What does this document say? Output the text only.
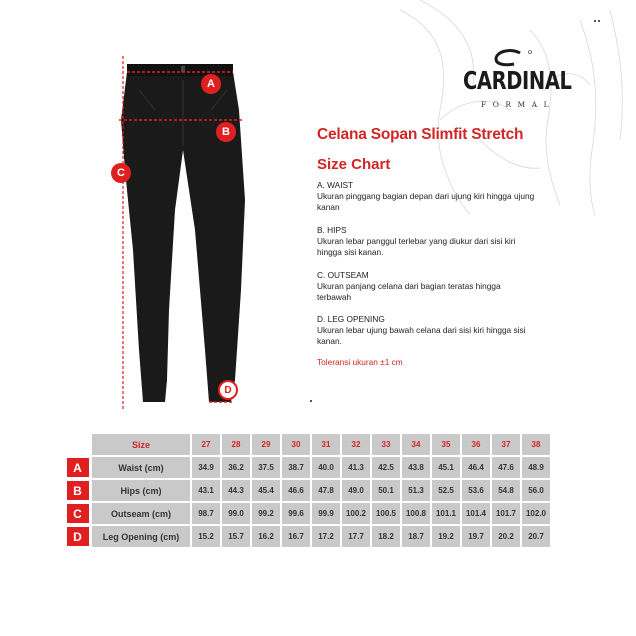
CARDINAL
FORMAL
A
B
C
D
Celana Sopan Slimfit Stretch
Size Chart
A. WAIST
Ukuran pinggang bagian depan dari ujung kiri hingga ujung kanan
B. HIPS
Ukuran lebar panggul terlebar yang diukur dari sisi kiri hingga sisi kanan.
C. OUTSEAM
Ukuran panjang celana dari bagian teratas hingga terbawah
D. LEG OPENING
Ukuran lebar ujung bawah celana dari sisi kiri hingga sisi kanan.
Toleransi ukuran ±1 cm
	Size	27	28	29	30	31	32	33	34	35	36	37	38
A	Waist (cm)	34.9	36.2	37.5	38.7	40.0	41.3	42.5	43.8	45.1	46.4	47.6	48.9
B	Hips (cm)	43.1	44.3	45.4	46.6	47.8	49.0	50.1	51.3	52.5	53.6	54.8	56.0
C	Outseam (cm)	98.7	99.0	99.2	99.6	99.9	100.2	100.5	100.8	101.1	101.4	101.7	102.0
D	Leg Opening (cm)	15.2	15.7	16.2	16.7	17.2	17.7	18.2	18.7	19.2	19.7	20.2	20.7
